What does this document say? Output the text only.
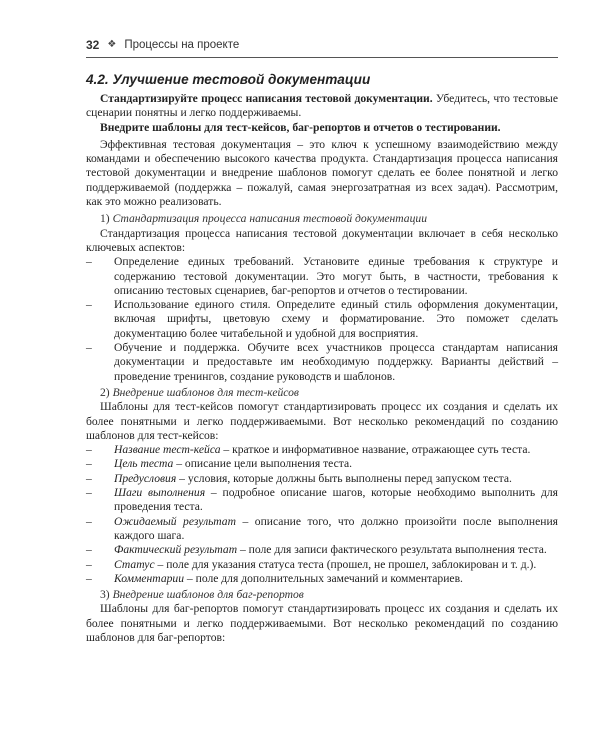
32 ❖ Процессы на проекте
4.2. Улучшение тестовой документации

Стандартизируйте процесс написания тестовой документации. Убедитесь, что тестовые сценарии понятны и легко поддерживаемы.

Внедрите шаблоны для тест-кейсов, баг-репортов и отчетов о тестировании.

Эффективная тестовая документация – это ключ к успешному взаимодействию между командами и обеспечению высокого качества продукта. Стандартизация процесса написания тестовой документации и внедрение шаблонов помогут сделать ее более понятной и легко поддерживаемой (поддержка – пожалуй, самая энергозатратная из всех задач). Рассмотрим, как это можно реализовать.

1) Стандартизация процесса написания тестовой документации

Стандартизация процесса написания тестовой документации включает в себя несколько ключевых аспектов:

– Определение единых требований. Установите единые требования к структуре и содержанию тестовой документации. Это могут быть, в частности, требования к описанию тестовых сценариев, баг-репортов и отчетов о тестировании.
– Использование единого стиля. Определите единый стиль оформления документации, включая шрифты, цветовую схему и форматирование. Это поможет сделать документацию более читабельной и удобной для восприятия.
– Обучение и поддержка. Обучите всех участников процесса стандартам написания документации и предоставьте им необходимую поддержку. Варианты действий – проведение тренингов, создание руководств и шаблонов.
2) Внедрение шаблонов для тест-кейсов

Шаблоны для тест-кейсов помогут стандартизировать процесс их создания и сделать их более понятными и легко поддерживаемыми. Вот несколько рекомендаций по созданию шаблонов для тест-кейсов:

– Название тест-кейса – краткое и информативное название, отражающее суть теста.
– Цель теста – описание цели выполнения теста.
– Предусловия – условия, которые должны быть выполнены перед запуском теста.
– Шаги выполнения – подробное описание шагов, которые необходимо выполнить для проведения теста.
– Ожидаемый результат – описание того, что должно произойти после выполнения каждого шага.
– Фактический результат – поле для записи фактического результата выполнения теста.
– Статус – поле для указания статуса теста (прошел, не прошел, заблокирован и т. д.).
– Комментарии – поле для дополнительных замечаний и комментариев.
3) Внедрение шаблонов для баг-репортов

Шаблоны для баг-репортов помогут стандартизировать процесс их создания и сделать их более понятными и легко поддерживаемыми. Вот несколько рекомендаций по созданию шаблонов для баг-репортов:
